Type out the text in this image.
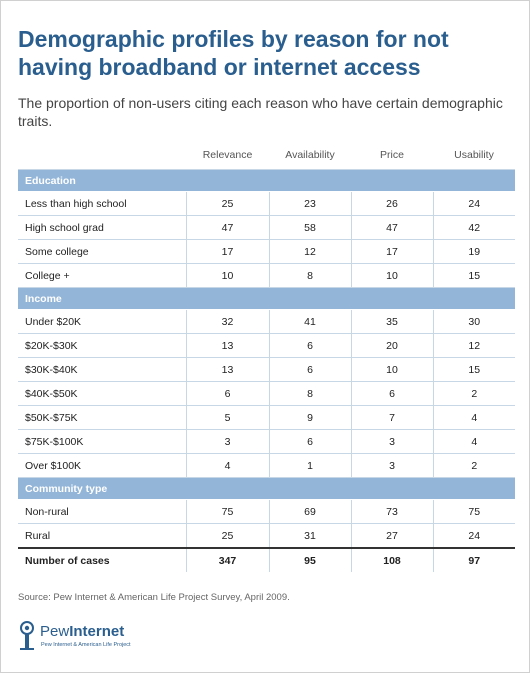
Demographic profiles by reason for not having broadband or internet access

The proportion of non-users citing each reason who have certain demographic traits.

	Relevance	Availability	Price	Usability

Education				
Less than high school	25	23	26	24
High school grad	47	58	47	42
Some college	17	12	17	19
College +	10	8	10	15
Income				
Under $20K	32	41	35	30
$20K-$30K	13	6	20	12
$30K-$40K	13	6	10	15
$40K-$50K	6	8	6	2
$50K-$75K	5	9	7	4
$75K-$100K	3	6	3	4
Over $100K	4	1	3	2
Community type				
Non-rural	75	69	73	75
Rural	25	31	27	24
Number of cases	347	95	108	97

Source: Pew Internet & American Life Project Survey, April 2009.

PewInternet
Pew Internet & American Life Project
